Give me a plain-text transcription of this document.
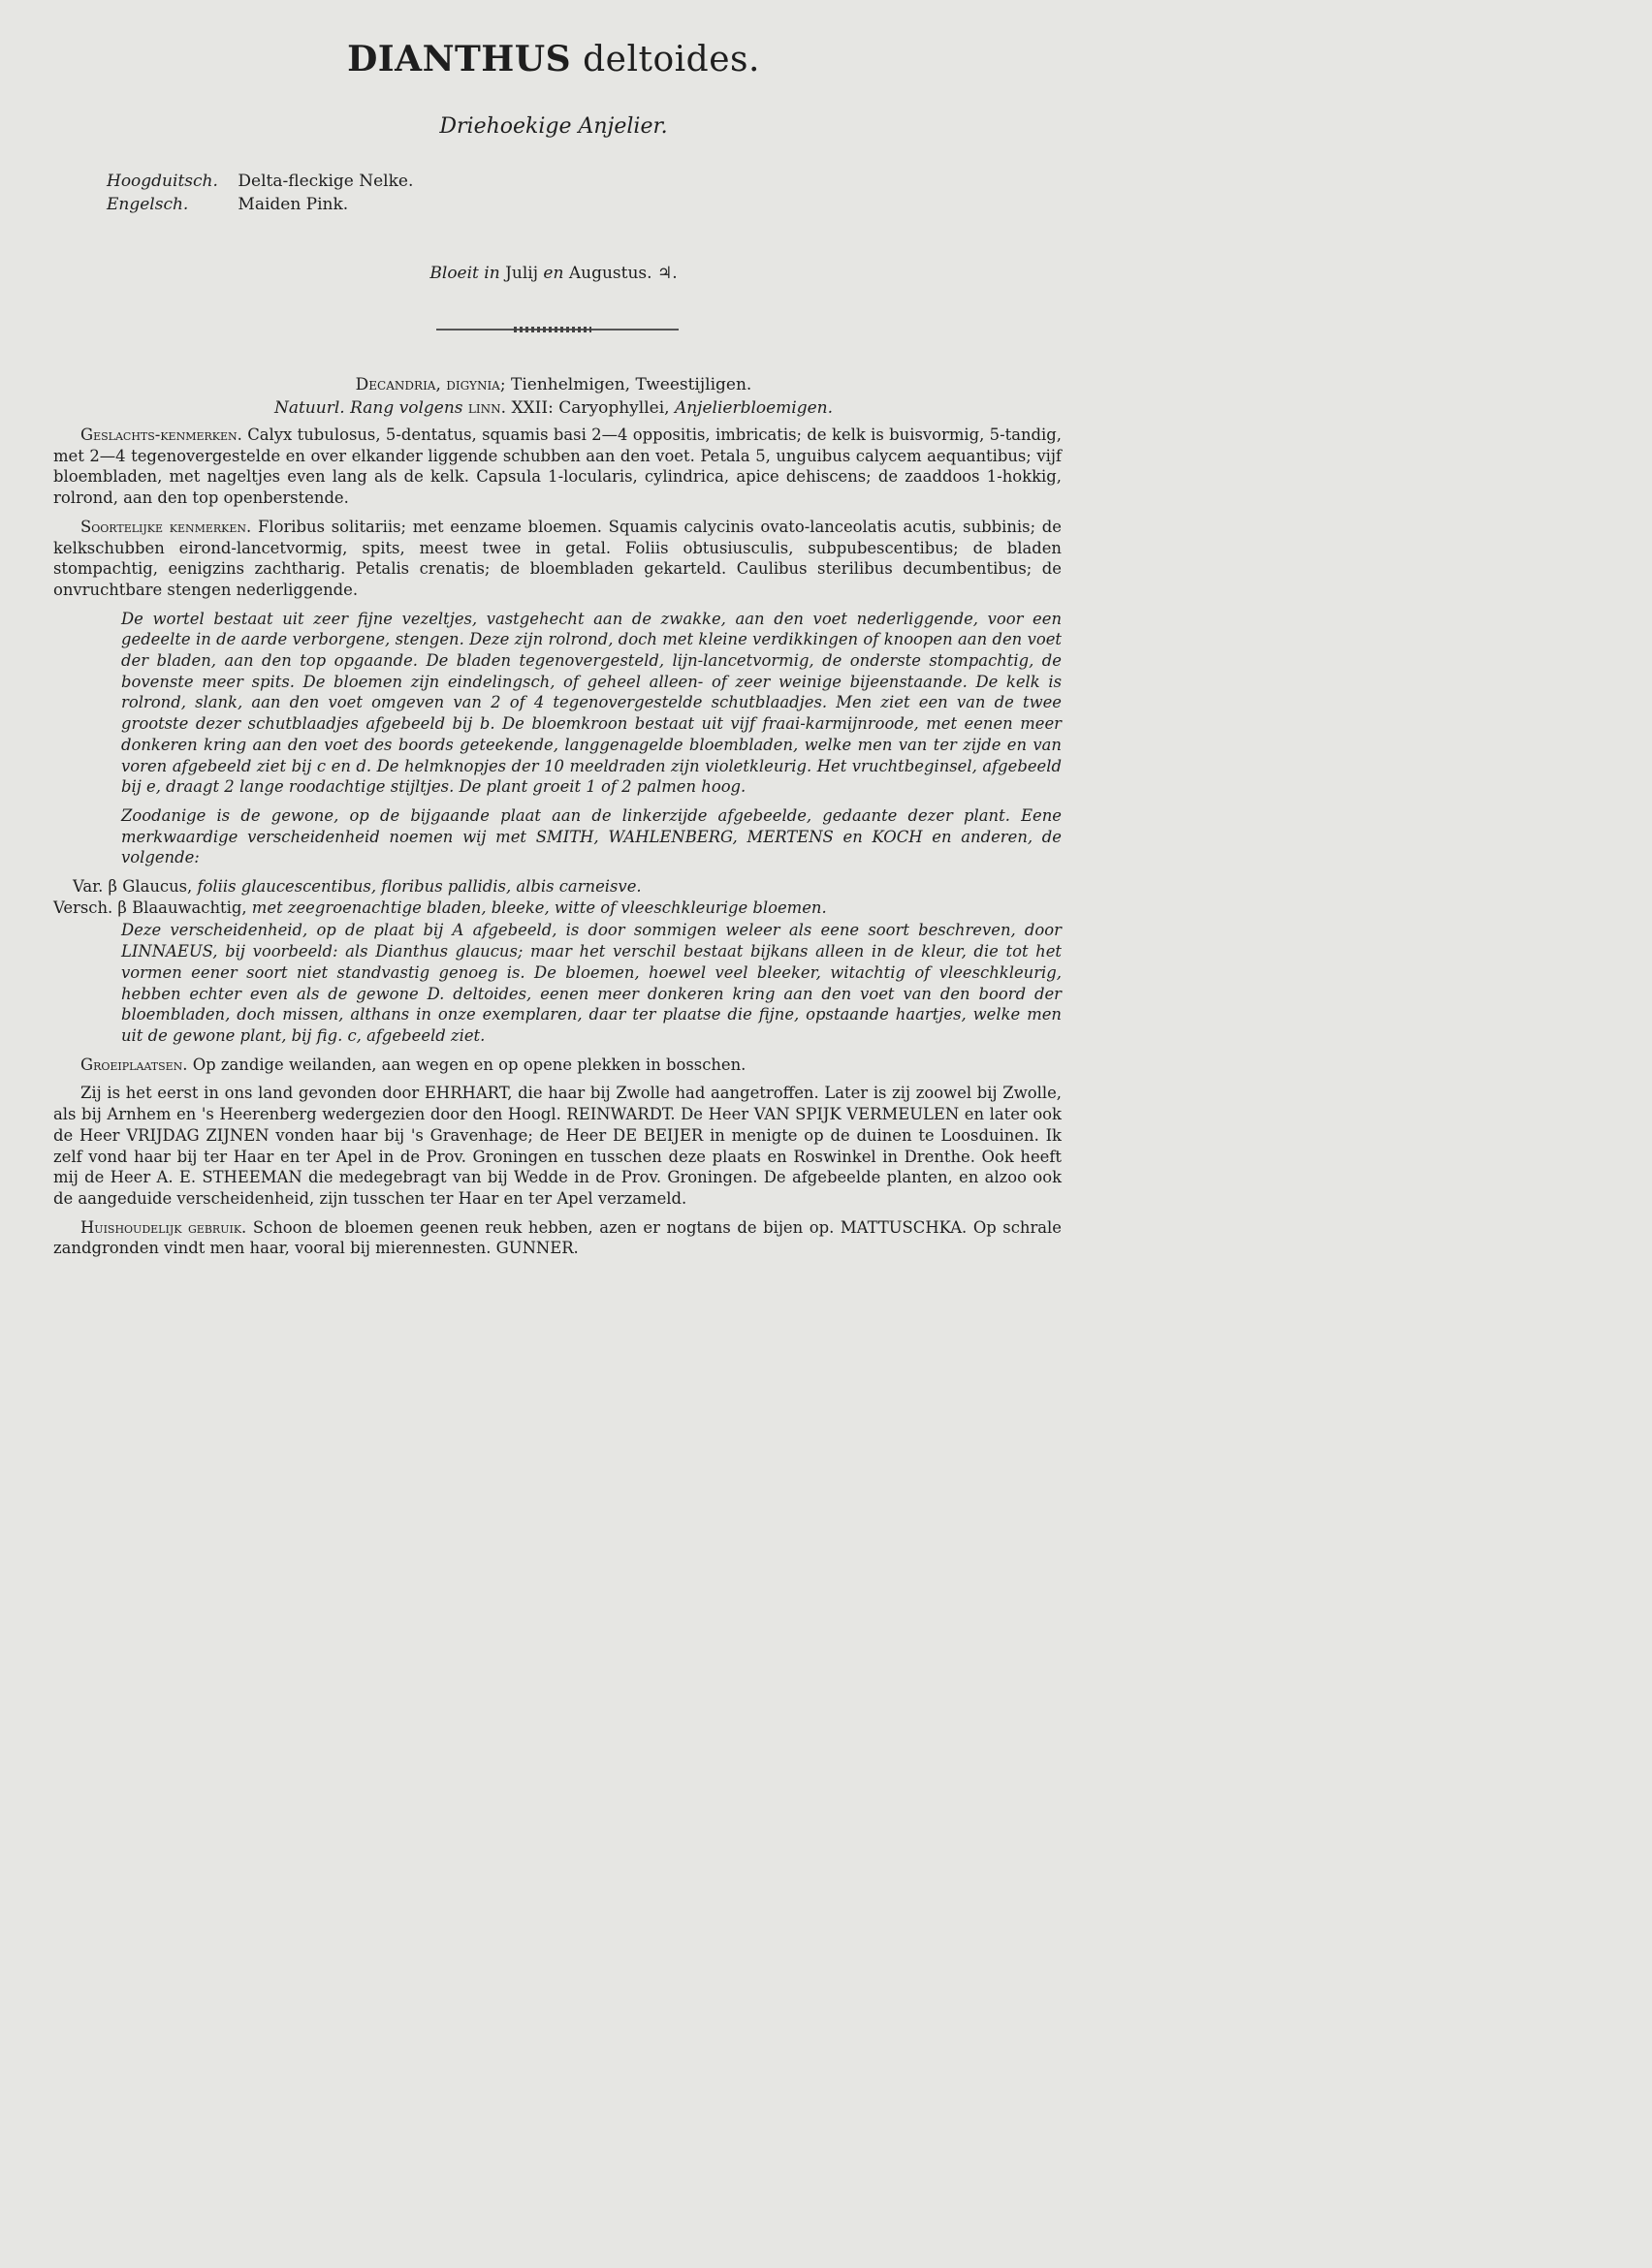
DIANTHUS deltoides.
Driehoekige Anjelier.
Hoogduitsch. Delta-fleckige Nelke.
Engelsch.	Maiden Pink.
Bloeit in Julij en Augustus. ♃.
Decandria, digynia; Tienhelmigen, Tweestijligen.
Natuurl. Rang volgens linn. XXII: Caryophyllei, Anjelierbloemigen.

Geslachts-kenmerken. Calyx tubulosus, 5-dentatus, squamis basi 2—4 oppositis, imbricatis; de kelk is buisvormig, 5-tandig, met 2—4 tegenovergestelde en over elkander liggende schubben aan den voet. Petala 5, unguibus calycem aequantibus; vijf bloembladen, met nageltjes even lang als de kelk. Capsula 1-locularis, cylindrica, apice dehiscens; de zaaddoos 1-hokkig, rolrond, aan den top openberstende.

Soortelijke kenmerken. Floribus solitariis; met eenzame bloemen. Squamis calycinis ovato-lanceolatis acutis, subbinis; de kelkschubben eirond-lancetvormig, spits, meest twee in getal. Foliis obtusiusculis, subpubescentibus; de bladen stompachtig, eenigzins zachtharig. Petalis crenatis; de bloembladen gekarteld. Caulibus sterilibus decumbentibus; de onvruchtbare stengen nederliggende.

De wortel bestaat uit zeer fijne vezeltjes, vastgehecht aan de zwakke, aan den voet nederliggende, voor een gedeelte in de aarde verborgene, stengen. Deze zijn rolrond, doch met kleine verdikkingen of knoopen aan den voet der bladen, aan den top opgaande. De bladen tegenovergesteld, lijn-lancetvormig, de onderste stompachtig, de bovenste meer spits. De bloemen zijn eindelingsch, of geheel alleen- of zeer weinige bijeenstaande. De kelk is rolrond, slank, aan den voet omgeven van 2 of 4 tegenovergestelde schutblaadjes. Men ziet een van de twee grootste dezer schutblaadjes afgebeeld bij b. De bloemkroon bestaat uit vijf fraai-karmijnroode, met eenen meer donkeren kring aan den voet des boords geteekende, langgenagelde bloembladen, welke men van ter zijde en van voren afgebeeld ziet bij c en d. De helmknopjes der 10 meeldraden zijn violetkleurig. Het vruchtbeginsel, afgebeeld bij e, draagt 2 lange roodachtige stijltjes. De plant groeit 1 of 2 palmen hoog.

Zoodanige is de gewone, op de bijgaande plaat aan de linkerzijde afgebeelde, gedaante dezer plant. Eene merkwaardige verscheidenheid noemen wij met SMITH, WAHLENBERG, MERTENS en KOCH en anderen, de volgende:

Var. β Glaucus, foliis glaucescentibus, floribus pallidis, albis carneisve.

Versch. β Blaauwachtig, met zeegroenachtige bladen, bleeke, witte of vleeschkleurige bloemen.

Deze verscheidenheid, op de plaat bij A afgebeeld, is door sommigen weleer als eene soort beschreven, door LINNAEUS, bij voorbeeld: als Dianthus glaucus; maar het verschil bestaat bijkans alleen in de kleur, die tot het vormen eener soort niet standvastig genoeg is. De bloemen, hoewel veel bleeker, witachtig of vleeschkleurig, hebben echter even als de gewone D. deltoides, eenen meer donkeren kring aan den voet van den boord der bloembladen, doch missen, althans in onze exemplaren, daar ter plaatse die fijne, opstaande haartjes, welke men uit de gewone plant, bij fig. c, afgebeeld ziet.

Groeiplaatsen. Op zandige weilanden, aan wegen en op opene plekken in bosschen.

Zij is het eerst in ons land gevonden door EHRHART, die haar bij Zwolle had aangetroffen. Later is zij zoowel bij Zwolle, als bij Arnhem en 's Heerenberg wedergezien door den Hoogl. REINWARDT. De Heer VAN SPIJK VERMEULEN en later ook de Heer VRIJDAG ZIJNEN vonden haar bij 's Gravenhage; de Heer DE BEIJER in menigte op de duinen te Loosduinen. Ik zelf vond haar bij ter Haar en ter Apel in de Prov. Groningen en tusschen deze plaats en Roswinkel in Drenthe. Ook heeft mij de Heer A. E. STHEEMAN die medegebragt van bij Wedde in de Prov. Groningen. De afgebeelde planten, en alzoo ook de aangeduide verscheidenheid, zijn tusschen ter Haar en ter Apel verzameld.

Huishoudelijk gebruik. Schoon de bloemen geenen reuk hebben, azen er nogtans de bijen op. MATTUSCHKA. Op schrale zandgronden vindt men haar, vooral bij mierennesten. GUNNER.
